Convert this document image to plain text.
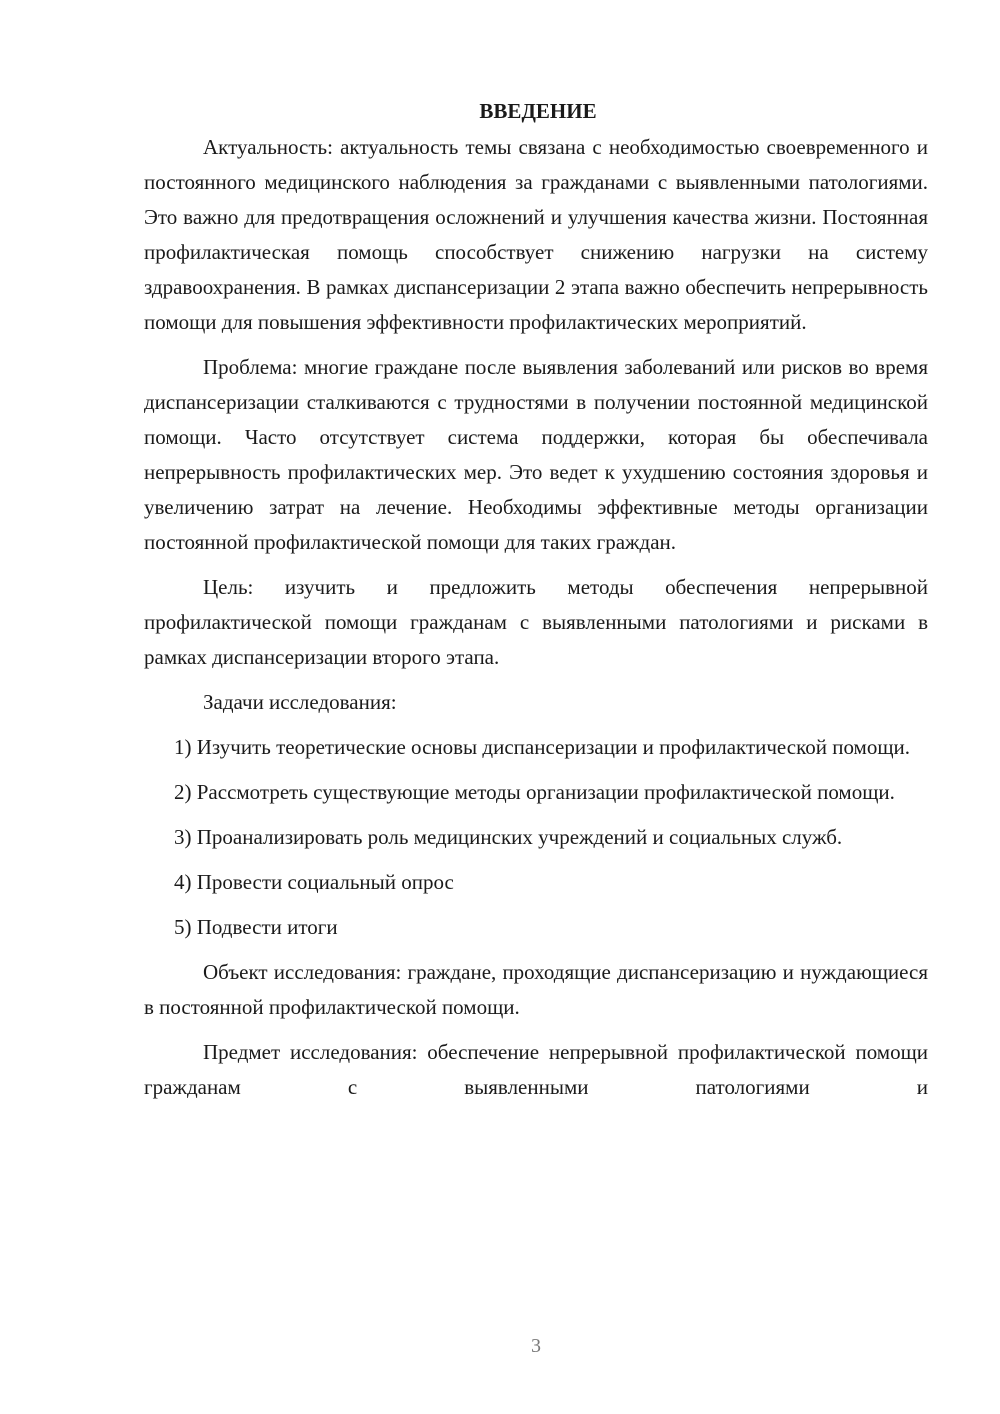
ВВЕДЕНИЕ

Актуальность: актуальность темы связана с необходимостью своевременного и постоянного медицинского наблюдения за гражданами с выявленными патологиями. Это важно для предотвращения осложнений и улучшения качества жизни. Постоянная профилактическая помощь способствует снижению нагрузки на систему здравоохранения. В рамках диспансеризации 2 этапа важно обеспечить непрерывность помощи для повышения эффективности профилактических мероприятий.

Проблема: многие граждане после выявления заболеваний или рисков во время диспансеризации сталкиваются с трудностями в получении постоянной медицинской помощи. Часто отсутствует система поддержки, которая бы обеспечивала непрерывность профилактических мер. Это ведет к ухудшению состояния здоровья и увеличению затрат на лечение. Необходимы эффективные методы организации постоянной профилактической помощи для таких граждан.

Цель: изучить и предложить методы обеспечения непрерывной профилактической помощи гражданам с выявленными патологиями и рисками в рамках диспансеризации второго этапа.

Задачи исследования:

1) Изучить теоретические основы диспансеризации и профилактической помощи.

2) Рассмотреть существующие методы организации профилактической помощи.

3) Проанализировать роль медицинских учреждений и социальных служб.

4) Провести социальный опрос

5) Подвести итоги

Объект исследования: граждане, проходящие диспансеризацию и нуждающиеся в постоянной профилактической помощи.

Предмет исследования: обеспечение непрерывной профилактической помощи гражданам с выявленными патологиями и

3
